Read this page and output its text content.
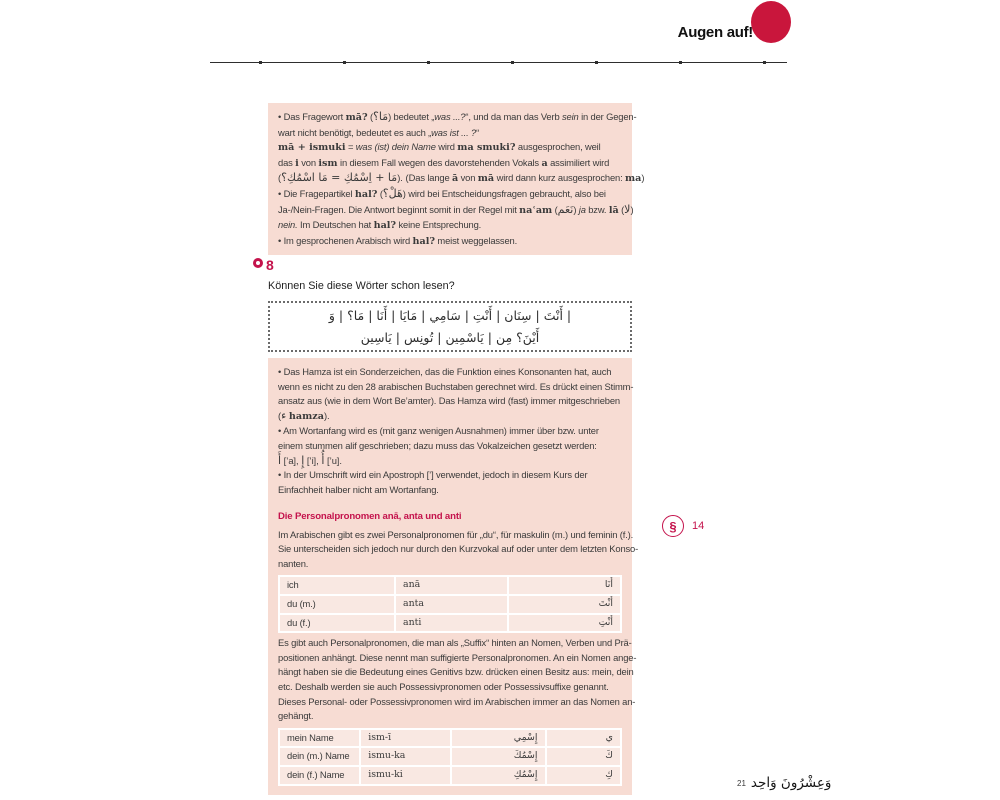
Augen auf!
• Das Fragewort mā? (مَا؟) bedeutet „was ...?“, und da man das Verb sein in der Gegen-
wart nicht benötigt, bedeutet es auch „was ist ... ?“
mā + ismuki = was (ist) dein Name wird ma smuki? ausgesprochen, weil
das i von ism in diesem Fall wegen des davorstehenden Vokals a assimiliert wird
(مَا + اِسْمُكِ = مَا اسْمُكِ؟). (Das lange ā von mā wird dann kurz ausgesprochen: ma)
• Die Fragepartikel hal? (هَلْ؟) wird bei Entscheidungsfragen gebraucht, also bei
Ja-/Nein-Fragen. Die Antwort beginnt somit in der Regel mit naʿam (نَعَم) ja bzw. lā (لا)
nein. Im Deutschen hat hal? keine Entsprechung.
• Im gesprochenen Arabisch wird hal? meist weggelassen.
8
Können Sie diese Wörter schon lesen?
وَ | مَا؟ | أَنَا | مَايَا | سَامِي | أَنْتِ | سِنَان | أَنْتَ |
يَاسِين | تُونِس | يَاسْمِين | مِن أَيْنَ؟
• Das Hamza ist ein Sonderzeichen, das die Funktion eines Konsonanten hat, auch
wenn es nicht zu den 28 arabischen Buchstaben gerechnet wird. Es drückt einen Stimm-
ansatz aus (wie in dem Wort Be’amter). Das Hamza wird (fast) immer mitgeschrieben
(ء hamza).
• Am Wortanfang wird es (mit ganz wenigen Ausnahmen) immer über bzw. unter
einem stummen alif geschrieben; dazu muss das Vokalzeichen gesetzt werden:
أَ [’a], إِ [’i], أُ [’u].
• In der Umschrift wird ein Apostroph [’] verwendet, jedoch in diesem Kurs der
Einfachheit halber nicht am Wortanfang.
Die Personalpronomen anā, anta und anti
Im Arabischen gibt es zwei Personalpronomen für „du“, für maskulin (m.) und feminin (f.).
Sie unterscheiden sich jedoch nur durch den Kurzvokal auf oder unter dem letzten Konso-
nanten.
ich	anā	أَنَا
du (m.)	anta	أَنْتَ
du (f.)	anti	أَنْتِ
Es gibt auch Personalpronomen, die man als „Suffix“ hinten an Nomen, Verben und Prä-
positionen anhängt. Diese nennt man suffigierte Personalpronomen. An ein Nomen ange-
hängt haben sie die Bedeutung eines Genitivs bzw. drücken einen Besitz aus: mein, dein
etc. Deshalb werden sie auch Possessivpronomen oder Possessivsuffixe genannt.
Dieses Personal- oder Possessivpronomen wird im Arabischen immer an das Nomen an-
gehängt.
mein Name	ism-ī	إِسْمِي	ي
dein (m.) Name	ismu-ka	إِسْمُكَ	كَ
dein (f.) Name	ismu-ki	إِسْمُكِ	كِ
§	14
21 وَاحِد وَعِشْرُونَ
